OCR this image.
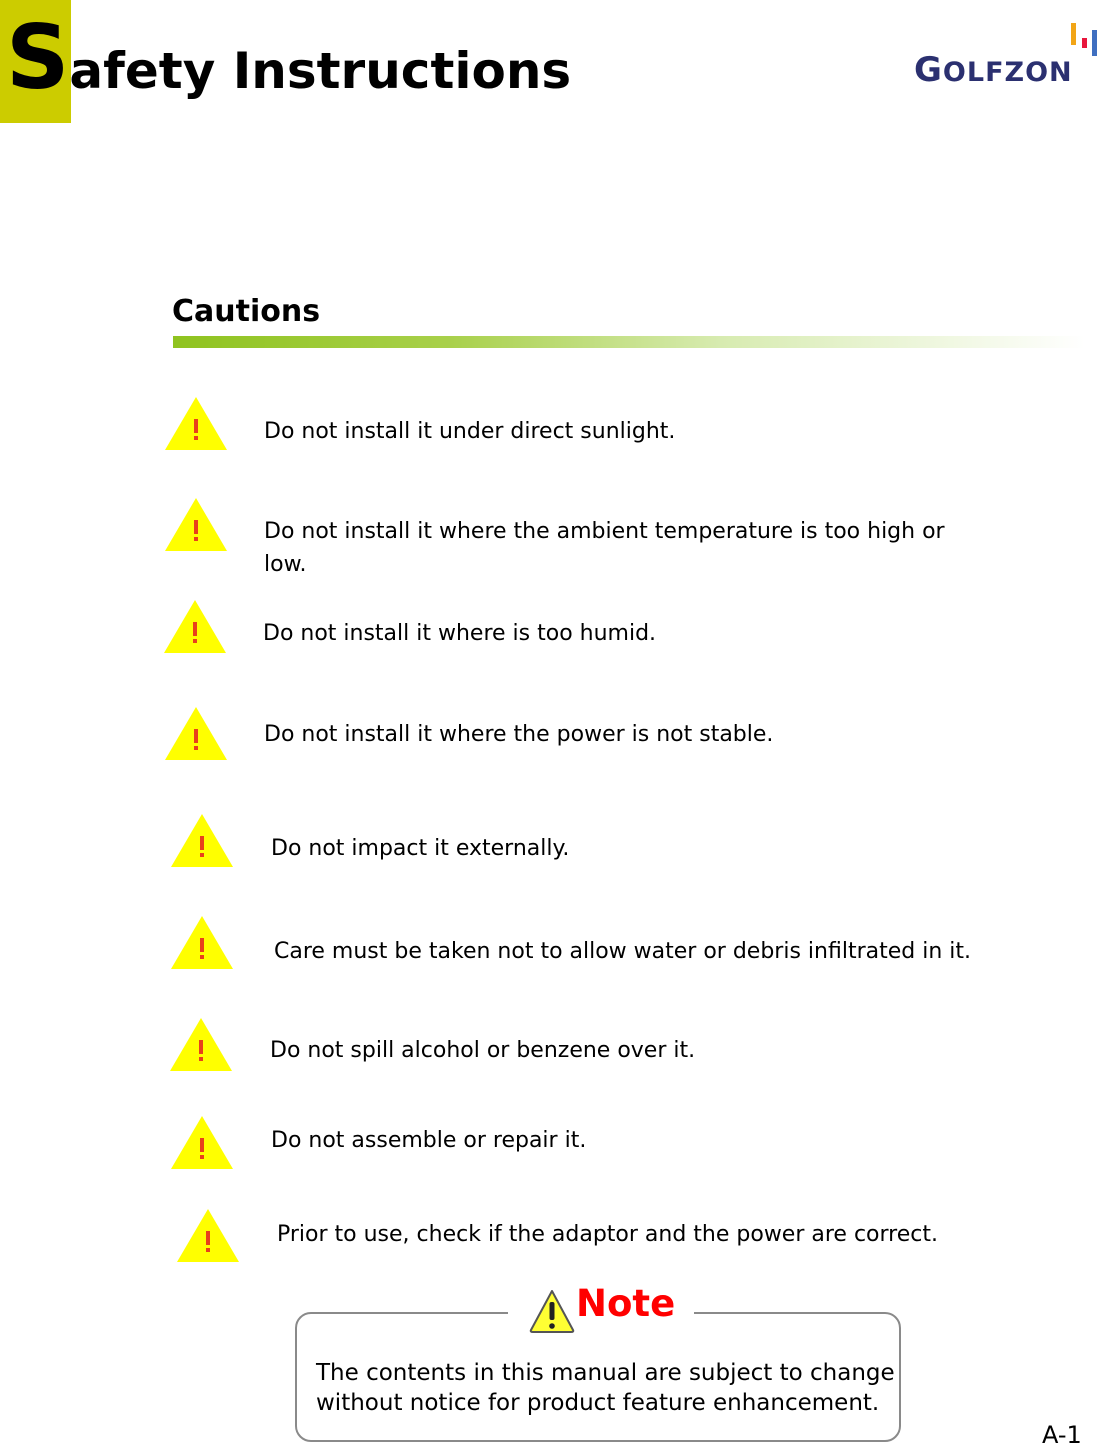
Safety Instructions	GOLFZON
Cautions
Do not install it under direct sunlight.
Do not install it where the ambient temperature is too high or low.
Do not install it where is too humid.
Do not install it where the power is not stable.
Do not impact it externally.
Care must be taken not to allow water or debris infiltrated in it.
Do not spill alcohol or benzene over it.
Do not assemble or repair it.
Prior to use, check if the adaptor and the power are correct.
Note
The contents in this manual are subject to change without notice for product feature enhancement.
A-1
